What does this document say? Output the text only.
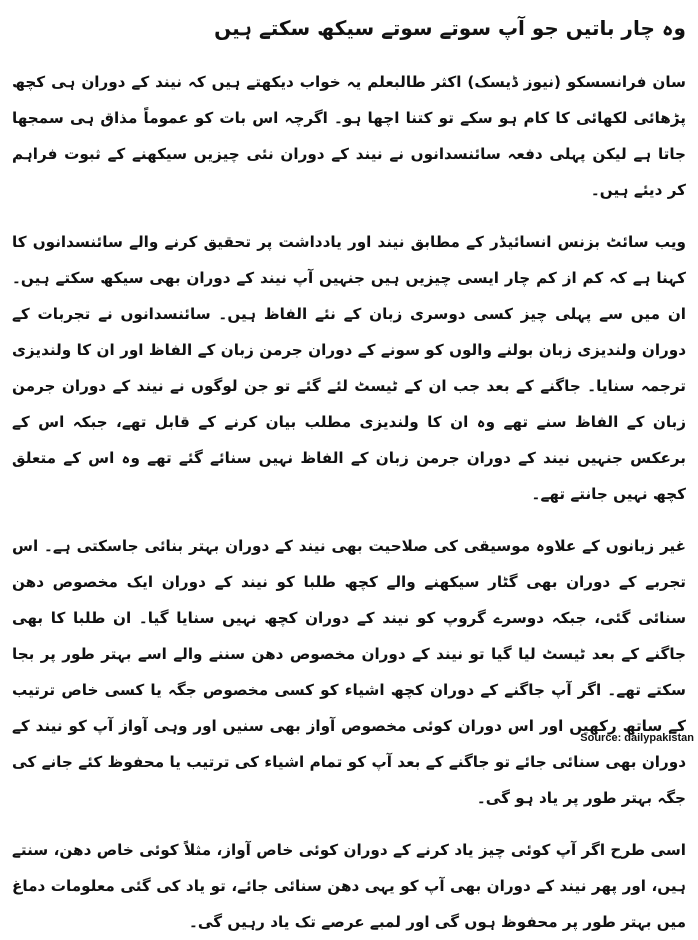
وہ چار باتیں جو آپ سوتے سوتے سیکھ سکتے ہیں

سان فرانسسکو (نیوز ڈیسک) اکثر طالبعلم یہ خواب دیکھتے ہیں کہ نیند کے دوران ہی کچھ پڑھائی لکھائی کا کام ہو سکے تو کتنا اچھا ہو۔ اگرچہ اس بات کو عموماً مذاق ہی سمجھا جاتا ہے لیکن پہلی دفعہ سائنسدانوں نے نیند کے دوران نئی چیزیں سیکھنے کے ثبوت فراہم کر دیئے ہیں۔

ویب سائٹ بزنس انسائیڈر کے مطابق نیند اور یادداشت پر تحقیق کرنے والے سائنسدانوں کا کہنا ہے کہ کم از کم چار ایسی چیزیں ہیں جنہیں آپ نیند کے دوران بھی سیکھ سکتے ہیں۔ ان میں سے پہلی چیز کسی دوسری زبان کے نئے الفاظ ہیں۔ سائنسدانوں نے تجربات کے دوران ولندیزی زبان بولنے والوں کو سونے کے دوران جرمن زبان کے الفاظ اور ان کا ولندیزی ترجمہ سنایا۔ جاگنے کے بعد جب ان کے ٹیسٹ لئے گئے تو جن لوگوں نے نیند کے دوران جرمن زبان کے الفاظ سنے تھے وہ ان کا ولندیزی مطلب بیان کرنے کے قابل تھے، جبکہ اس کے برعکس جنہیں نیند کے دوران جرمن زبان کے الفاظ نہیں سنائے گئے تھے وہ اس کے متعلق کچھ نہیں جانتے تھے۔

غیر زبانوں کے علاوہ موسیقی کی صلاحیت بھی نیند کے دوران بہتر بنائی جاسکتی ہے۔ اس تجربے کے دوران بھی گٹار سیکھنے والے کچھ طلبا کو نیند کے دوران ایک مخصوص دھن سنائی گئی، جبکہ دوسرے گروپ کو نیند کے دوران کچھ نہیں سنایا گیا۔ ان طلبا کا بھی جاگنے کے بعد ٹیسٹ لیا گیا تو نیند کے دوران مخصوص دھن سننے والے اسے بہتر طور پر بجا سکتے تھے۔ اگر آپ جاگنے کے دوران کچھ اشیاء کو کسی مخصوص جگہ یا کسی خاص ترتیب کے ساتھ رکھیں اور اس دوران کوئی مخصوص آواز بھی سنیں اور وہی آواز آپ کو نیند کے دوران بھی سنائی جائے تو جاگنے کے بعد آپ کو تمام اشیاء کی ترتیب یا محفوظ کئے جانے کی جگہ بہتر طور پر یاد ہو گی۔

اسی طرح اگر آپ کوئی چیز یاد کرنے کے دوران کوئی خاص آواز، مثلاً کوئی خاص دھن، سنتے ہیں، اور پھر نیند کے دوران بھی آپ کو یہی دھن سنائی جائے، تو یاد کی گئی معلومات دماغ میں بہتر طور پر محفوظ ہوں گی اور لمبے عرصے تک یاد رہیں گی۔

Source: dailypakistan
